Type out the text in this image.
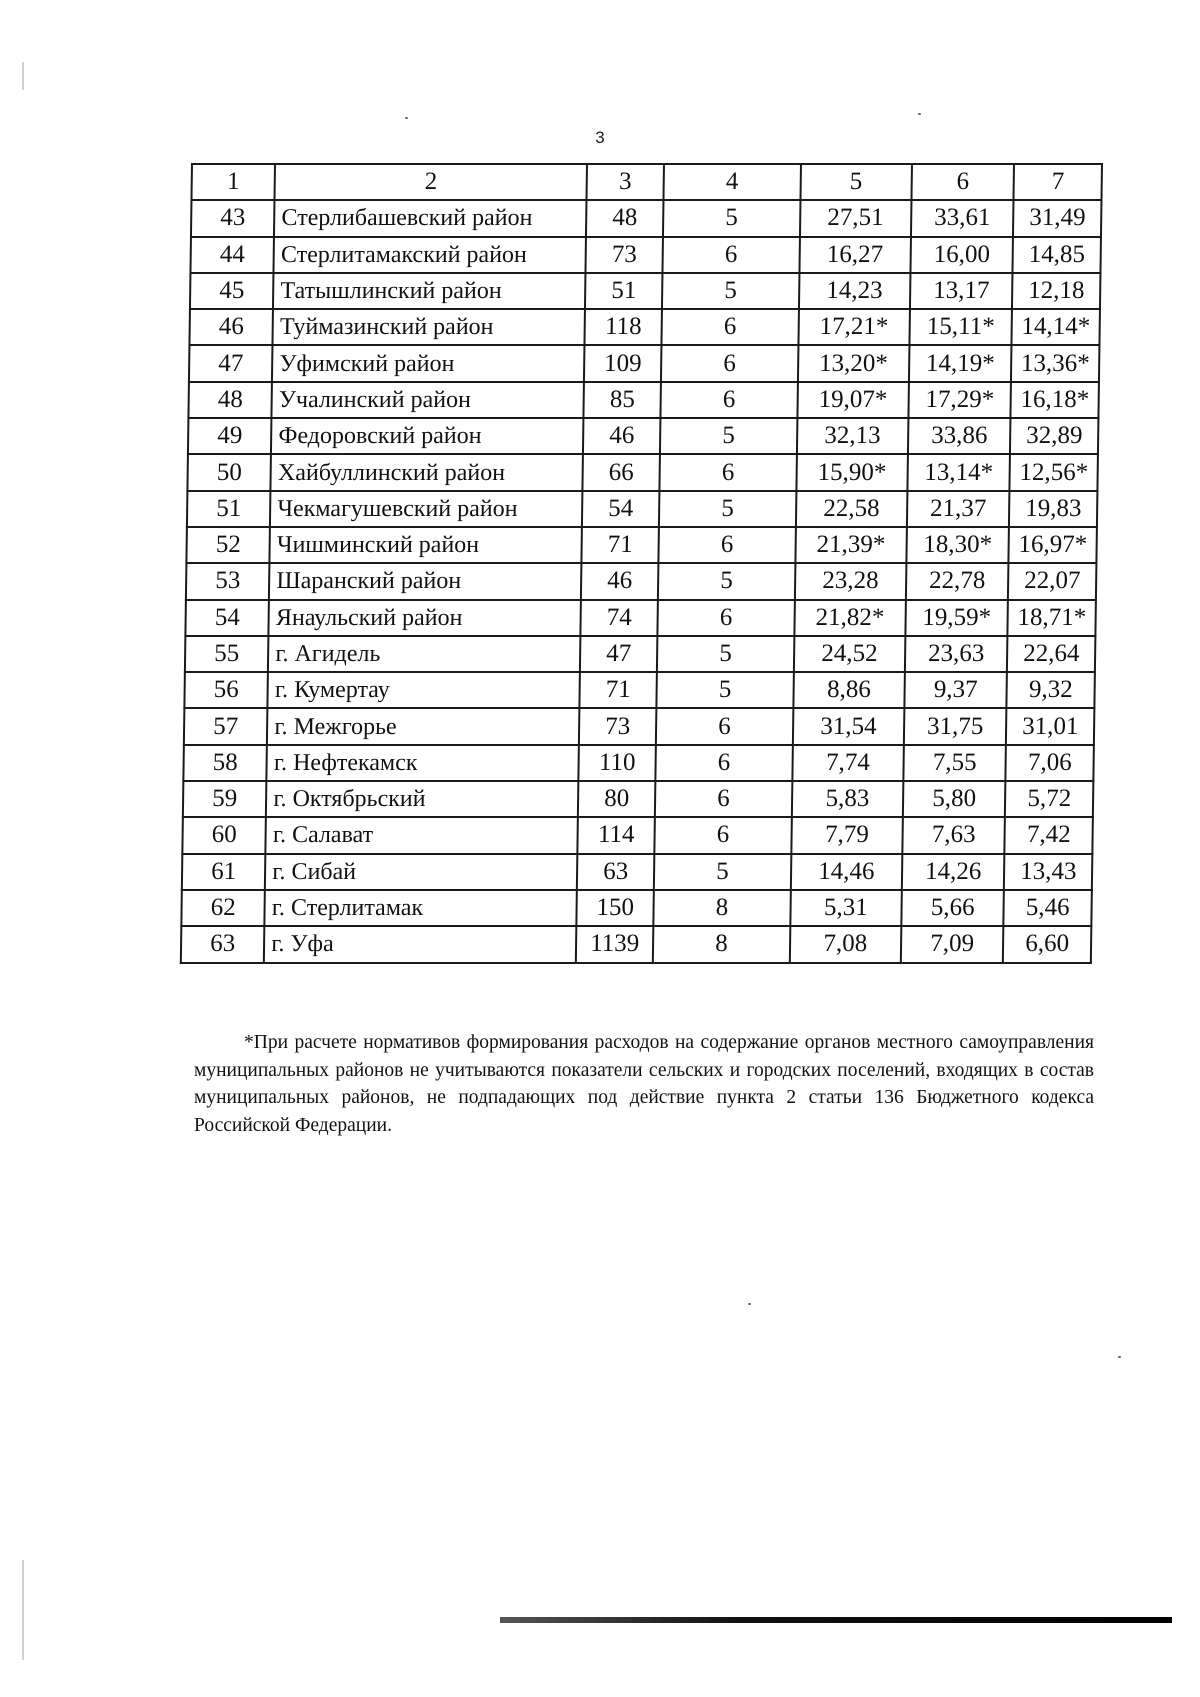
3
1	2	3	4	5	6	7
43	Стерлибашевский район	48	5	27,51	33,61	31,49
44	Стерлитамакский район	73	6	16,27	16,00	14,85
45	Татышлинский район	51	5	14,23	13,17	12,18
46	Туймазинский район	118	6	17,21*	15,11*	14,14*
47	Уфимский район	109	6	13,20*	14,19*	13,36*
48	Учалинский район	85	6	19,07*	17,29*	16,18*
49	Федоровский район	46	5	32,13	33,86	32,89
50	Хайбуллинский район	66	6	15,90*	13,14*	12,56*
51	Чекмагушевский район	54	5	22,58	21,37	19,83
52	Чишминский район	71	6	21,39*	18,30*	16,97*
53	Шаранский район	46	5	23,28	22,78	22,07
54	Янаульский район	74	6	21,82*	19,59*	18,71*
55	г. Агидель	47	5	24,52	23,63	22,64
56	г. Кумертау	71	5	8,86	9,37	9,32
57	г. Межгорье	73	6	31,54	31,75	31,01
58	г. Нефтекамск	110	6	7,74	7,55	7,06
59	г. Октябрьский	80	6	5,83	5,80	5,72
60	г. Салават	114	6	7,79	7,63	7,42
61	г. Сибай	63	5	14,46	14,26	13,43
62	г. Стерлитамак	150	8	5,31	5,66	5,46
63	г. Уфа	1139	8	7,08	7,09	6,60

*При расчете нормативов формирования расходов на содержание органов местного самоуправления муниципальных районов не учитываются показатели сельских и городских поселений, входящих в состав муниципальных районов, не подпадающих под действие пункта 2 статьи 136 Бюджетного кодекса Российской Федерации.
